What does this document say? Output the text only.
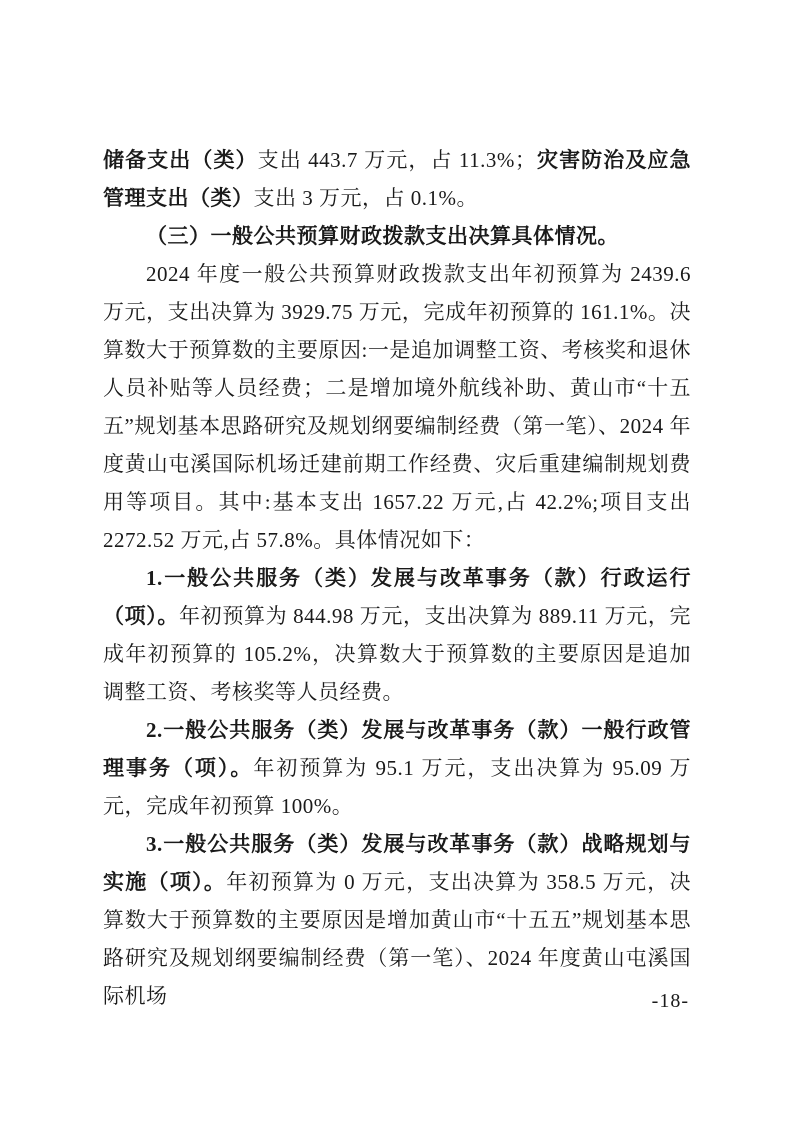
储备支出（类）支出 443.7 万元，占 11.3%；灾害防治及应急管理支出（类）支出 3 万元，占 0.1%。

（三）一般公共预算财政拨款支出决算具体情况。

2024 年度一般公共预算财政拨款支出年初预算为 2439.6 万元，支出决算为 3929.75 万元，完成年初预算的 161.1%。决算数大于预算数的主要原因:一是追加调整工资、考核奖和退休人员补贴等人员经费；二是增加境外航线补助、黄山市“十五五”规划基本思路研究及规划纲要编制经费（第一笔）、2024 年度黄山屯溪国际机场迁建前期工作经费、灾后重建编制规划费用等项目。其中:基本支出 1657.22 万元,占 42.2%;项目支出 2272.52 万元,占 57.8%。具体情况如下：

1.一般公共服务（类）发展与改革事务（款）行政运行（项）。年初预算为 844.98 万元，支出决算为 889.11 万元，完成年初预算的 105.2%，决算数大于预算数的主要原因是追加调整工资、考核奖等人员经费。

2.一般公共服务（类）发展与改革事务（款）一般行政管理事务（项）。年初预算为 95.1 万元，支出决算为 95.09 万元，完成年初预算 100%。

3.一般公共服务（类）发展与改革事务（款）战略规划与实施（项）。年初预算为 0 万元，支出决算为 358.5 万元，决算数大于预算数的主要原因是增加黄山市“十五五”规划基本思路研究及规划纲要编制经费（第一笔）、2024 年度黄山屯溪国际机场	-18-
